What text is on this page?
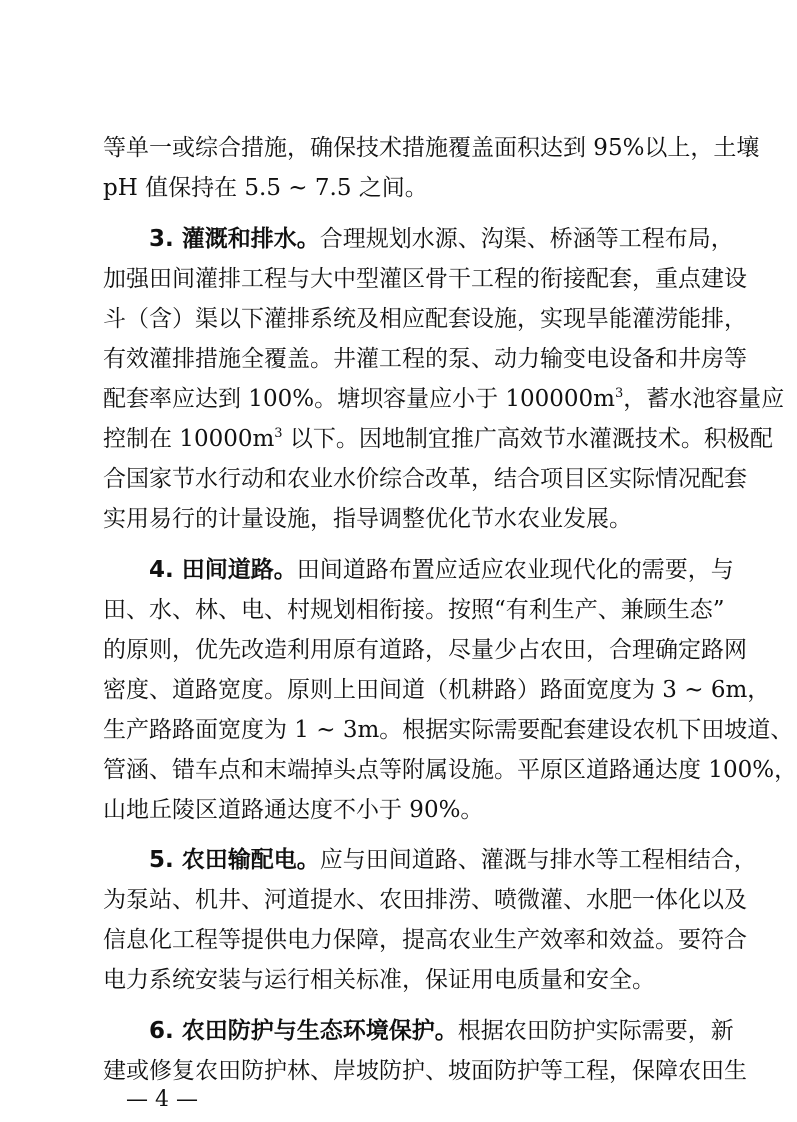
等单一或综合措施，确保技术措施覆盖面积达到 95%以上，土壤
pH 值保持在 5.5 ~ 7.5 之间。
3. 灌溉和排水。合理规划水源、沟渠、桥涵等工程布局，
加强田间灌排工程与大中型灌区骨干工程的衔接配套，重点建设
斗（含）渠以下灌排系统及相应配套设施，实现旱能灌涝能排，
有效灌排措施全覆盖。井灌工程的泵、动力输变电设备和井房等
配套率应达到 100%。塘坝容量应小于 $100000m^3$，蓄水池容量应
控制在 $10000m^3$ 以下。因地制宜推广高效节水灌溉技术。积极配
合国家节水行动和农业水价综合改革，结合项目区实际情况配套
实用易行的计量设施，指导调整优化节水农业发展。
4. 田间道路。田间道路布置应适应农业现代化的需要，与
田、水、林、电、村规划相衔接。按照“有利生产、兼顾生态”
的原则，优先改造利用原有道路，尽量少占农田，合理确定路网
密度、道路宽度。原则上田间道（机耕路）路面宽度为 3 ~ 6m，
生产路路面宽度为 1 ~ 3m。根据实际需要配套建设农机下田坡道、
管涵、错车点和末端掉头点等附属设施。平原区道路通达度 100%，
山地丘陵区道路通达度不小于 90%。
5. 农田输配电。应与田间道路、灌溉与排水等工程相结合，
为泵站、机井、河道提水、农田排涝、喷微灌、水肥一体化以及
信息化工程等提供电力保障，提高农业生产效率和效益。要符合
电力系统安装与运行相关标准，保证用电质量和安全。
6. 农田防护与生态环境保护。根据农田防护实际需要，新
建或修复农田防护林、岸坡防护、坡面防护等工程，保障农田生
— 4 —
